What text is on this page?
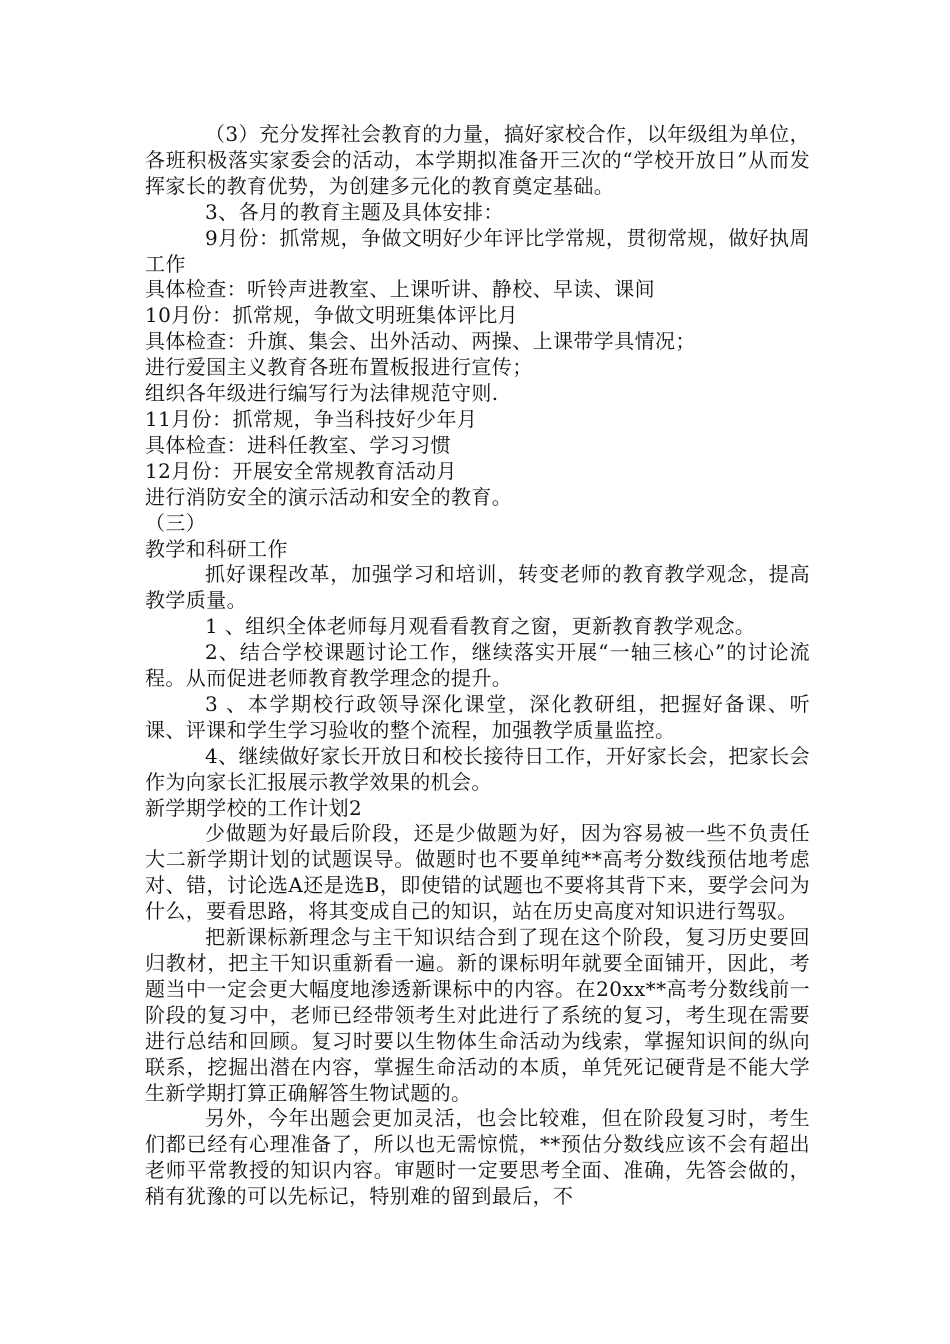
（3）充分发挥社会教育的力量，搞好家校合作，以年级组为单位，各班积极落实家委会的活动，本学期拟准备开三次的“学校开放日”从而发挥家长的教育优势，为创建多元化的教育奠定基础。

3、各月的教育主题及具体安排：

9月份：抓常规，争做文明好少年评比学常规，贯彻常规，做好执周工作

具体检查：听铃声进教室、上课听讲、静校、早读、课间

10月份：抓常规，争做文明班集体评比月

具体检查：升旗、集会、出外活动、两操、上课带学具情况；

进行爱国主义教育各班布置板报进行宣传；

组织各年级进行编写行为法律规范守则.

11月份：抓常规，争当科技好少年月

具体检查：进科任教室、学习习惯

12月份：开展安全常规教育活动月

进行消防安全的演示活动和安全的教育。

（三）

教学和科研工作

抓好课程改革，加强学习和培训，转变老师的教育教学观念，提高教学质量。

1 、组织全体老师每月观看看教育之窗，更新教育教学观念。

2、结合学校课题讨论工作，继续落实开展“一轴三核心”的讨论流程。从而促进老师教育教学理念的提升。

3 、本学期校行政领导深化课堂，深化教研组，把握好备课、听课、评课和学生学习验收的整个流程，加强教学质量监控。

4、继续做好家长开放日和校长接待日工作，开好家长会，把家长会作为向家长汇报展示教学效果的机会。

新学期学校的工作计划2

少做题为好最后阶段，还是少做题为好，因为容易被一些不负责任大二新学期计划的试题误导。做题时也不要单纯**高考分数线预估地考虑对、错，讨论选A还是选B，即使错的试题也不要将其背下来，要学会问为什么，要看思路，将其变成自己的知识，站在历史高度对知识进行驾驭。

把新课标新理念与主干知识结合到了现在这个阶段，复习历史要回归教材，把主干知识重新看一遍。新的课标明年就要全面铺开，因此，考题当中一定会更大幅度地渗透新课标中的内容。在20xx**高考分数线前一阶段的复习中，老师已经带领考生对此进行了系统的复习，考生现在需要进行总结和回顾。复习时要以生物体生命活动为线索，掌握知识间的纵向联系，挖掘出潜在内容，掌握生命活动的本质，单凭死记硬背是不能大学生新学期打算正确解答生物试题的。

另外，今年出题会更加灵活，也会比较难，但在阶段复习时，考生们都已经有心理准备了，所以也无需惊慌，**预估分数线应该不会有超出老师平常教授的知识内容。审题时一定要思考全面、准确，先答会做的，稍有犹豫的可以先标记，特别难的留到最后，不
